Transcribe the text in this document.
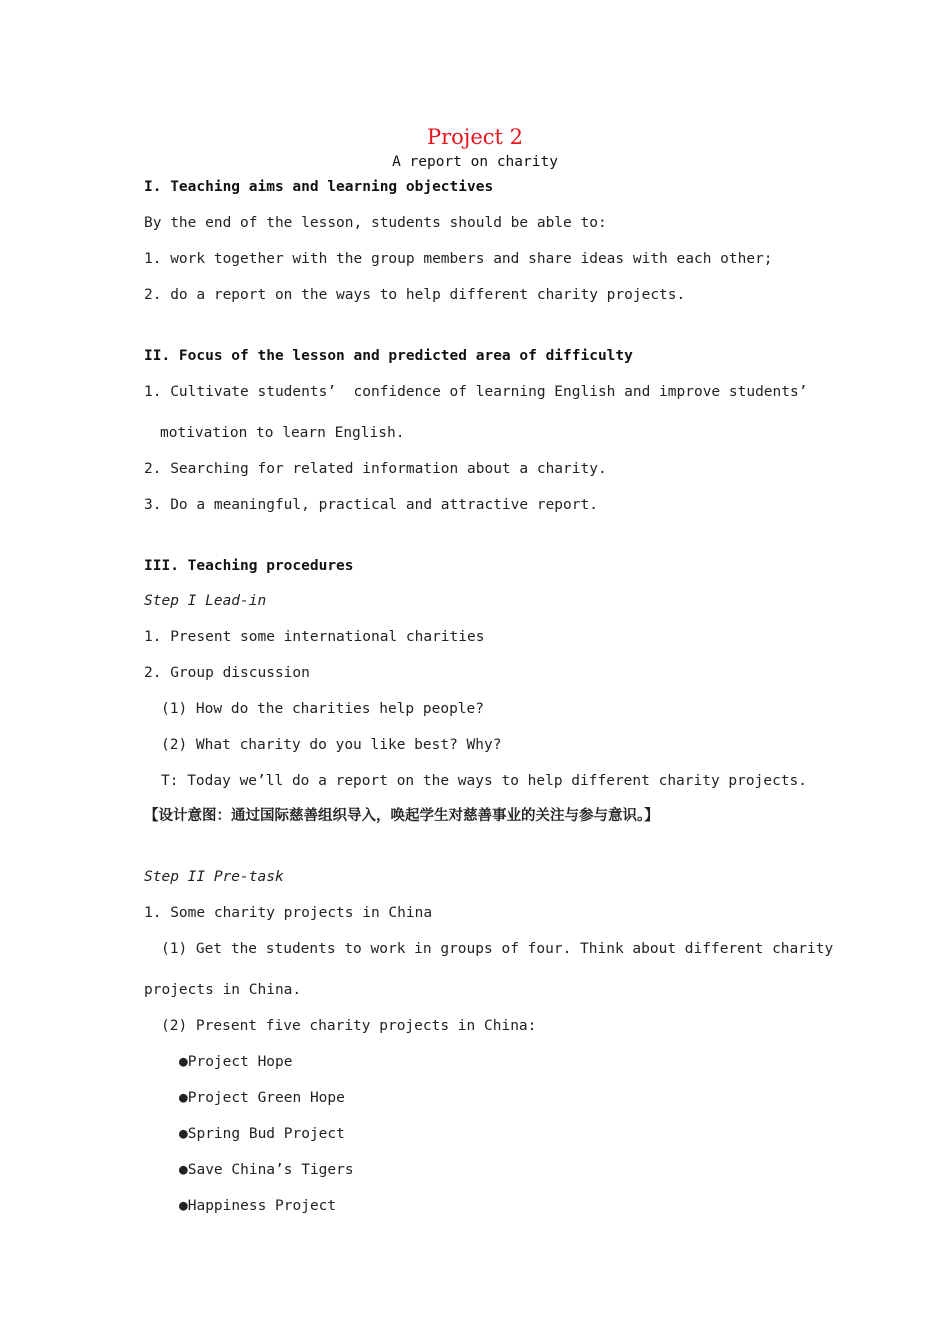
Project 2
A report on charity
I. Teaching aims and learning objectives
By the end of the lesson, students should be able to:
1. work together with the group members and share ideas with each other;
2. do a report on the ways to help different charity projects.
II. Focus of the lesson and predicted area of difficulty
1. Cultivate students’  confidence of learning English and improve students’
motivation to learn English.
2. Searching for related information about a charity.
3. Do a meaningful, practical and attractive report.
III. Teaching procedures
Step I Lead-in
1. Present some international charities
2. Group discussion
(1) How do the charities help people?
(2) What charity do you like best? Why?
T: Today we’ll do a report on the ways to help different charity projects.
【设计意图：通过国际慈善组织导入，唤起学生对慈善事业的关注与参与意识。】
Step II Pre-task
1. Some charity projects in China
(1) Get the students to work in groups of four. Think about different charity
projects in China.
(2) Present five charity projects in China:
●Project Hope
●Project Green Hope
●Spring Bud Project
●Save China’s Tigers
●Happiness Project
